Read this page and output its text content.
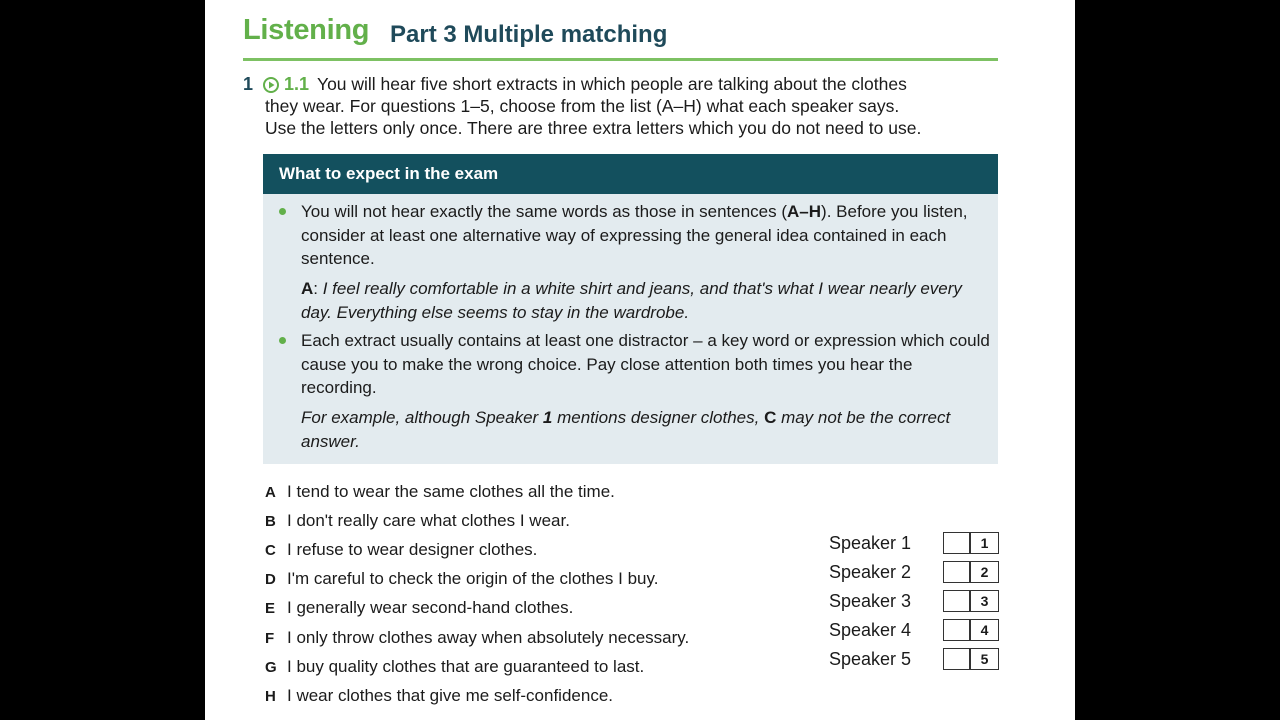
Listening Part 3 Multiple matching
1 1.1 You will hear five short extracts in which people are talking about the clothes
they wear. For questions 1–5, choose from the list (A–H) what each speaker says.
Use the letters only once. There are three extra letters which you do not need to use.
What to expect in the exam
You will not hear exactly the same words as those in sentences (A–H). Before you listen, consider at least one alternative way of expressing the general idea contained in each sentence.
A: I feel really comfortable in a white shirt and jeans, and that's what I wear nearly every day. Everything else seems to stay in the wardrobe.
Each extract usually contains at least one distractor – a key word or expression which could cause you to make the wrong choice. Pay close attention both times you hear the recording.
For example, although Speaker 1 mentions designer clothes, C may not be the correct answer.
A I tend to wear the same clothes all the time.
B I don't really care what clothes I wear.
C I refuse to wear designer clothes.
D I'm careful to check the origin of the clothes I buy.
E I generally wear second-hand clothes.
F I only throw clothes away when absolutely necessary.
G I buy quality clothes that are guaranteed to last.
H I wear clothes that give me self-confidence.
Speaker 1	1
Speaker 2	2
Speaker 3	3
Speaker 4	4
Speaker 5	5
